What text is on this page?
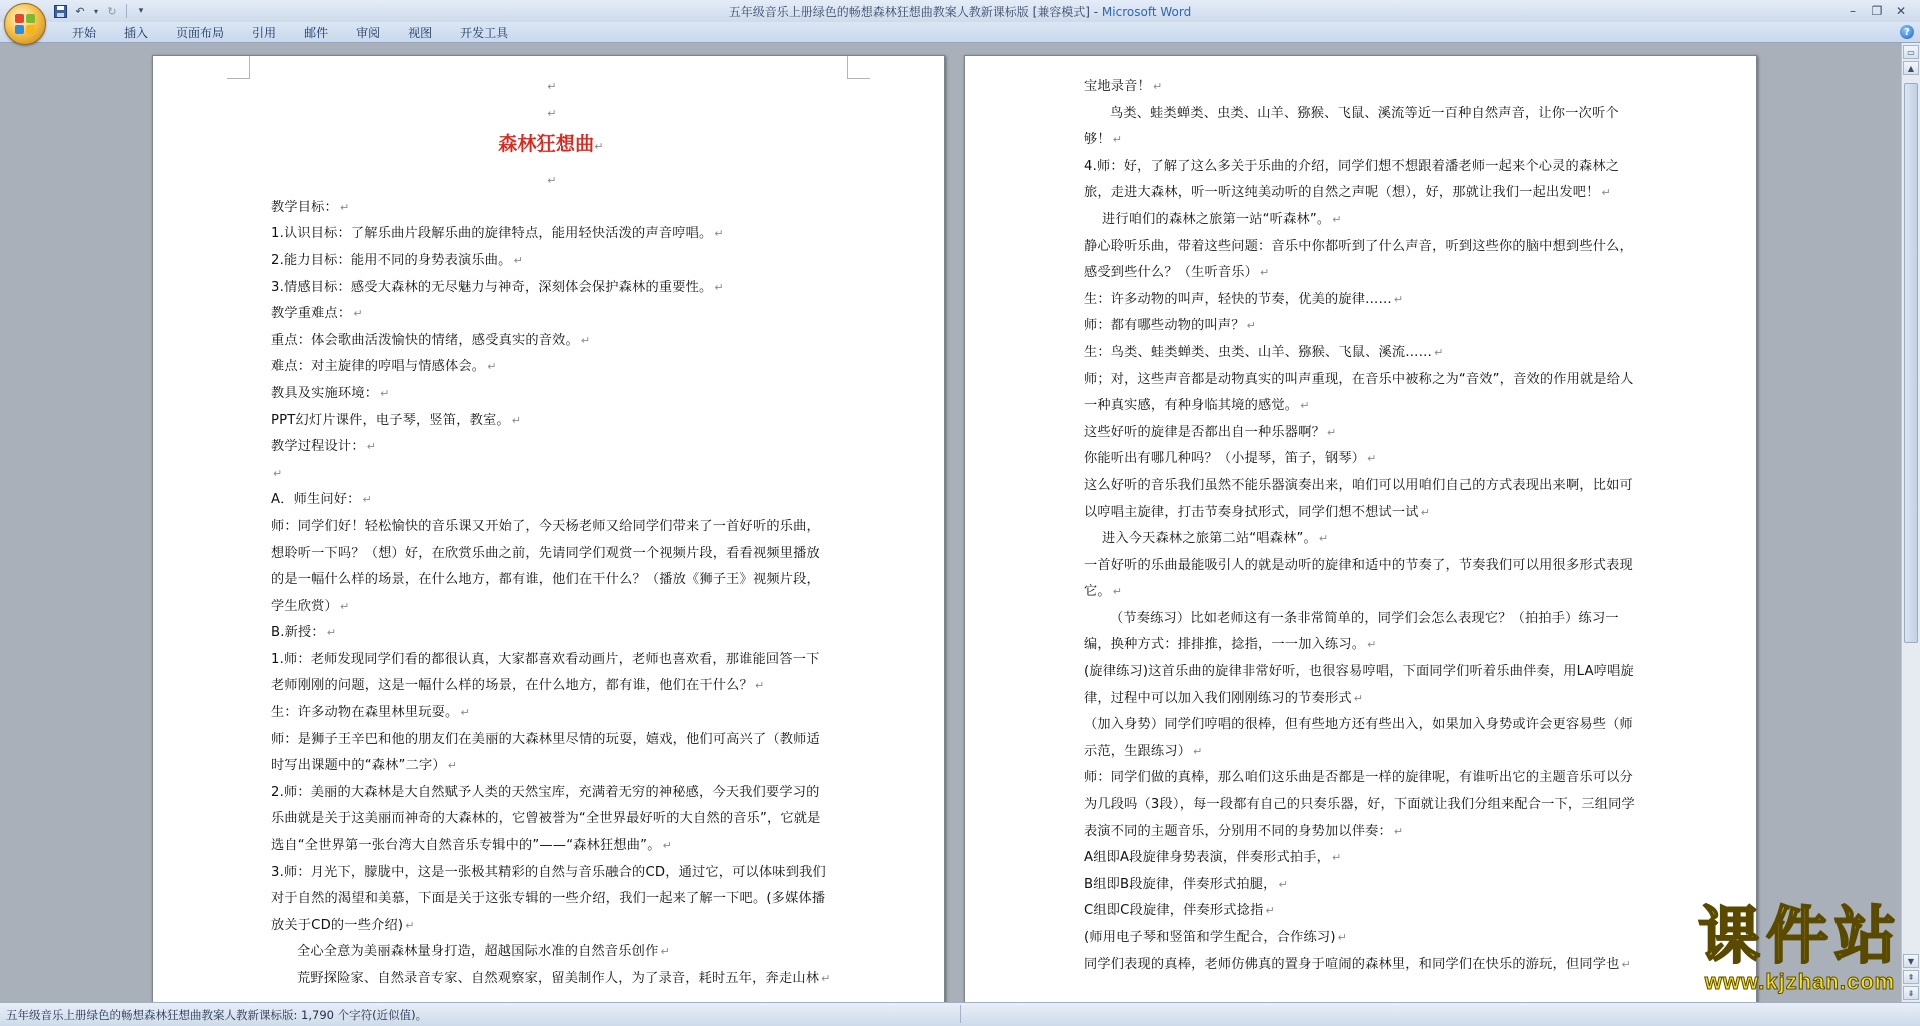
↶	▾ ↻	▾	五年级音乐上册绿色的畅想森林狂想曲教案人教新课标版 [兼容模式] - Microsoft Word	–	❐	✕
开始	插入	页面布局	引用	邮件	审阅	视图	开发工具	?

↵

↵

森林狂想曲↵

↵

教学目标： ↵

1.认识目标：了解乐曲片段解乐曲的旋律特点，能用轻快活泼的声音哼唱。 ↵

2.能力目标：能用不同的身势表演乐曲。 ↵

3.情感目标：感受大森林的无尽魅力与神奇，深刻体会保护森林的重要性。 ↵

教学重难点： ↵

重点：体会歌曲活泼愉快的情绪，感受真实的音效。 ↵

难点：对主旋律的哼唱与情感体会。 ↵

教具及实施环境： ↵

PPT幻灯片课件，电子琴，竖笛，教室。 ↵

教学过程设计： ↵

↵

A．师生问好： ↵

师：同学们好！轻松愉快的音乐课又开始了，今天杨老师又给同学们带来了一首好听的乐曲，想聆听一下吗？（想）好，在欣赏乐曲之前，先请同学们观赏一个视频片段，看看视频里播放的是一幅什么样的场景，在什么地方，都有谁，他们在干什么？（播放《狮子王》视频片段，学生欣赏） ↵

B.新授： ↵

1.师：老师发现同学们看的都很认真，大家都喜欢看动画片，老师也喜欢看，那谁能回答一下老师刚刚的问题，这是一幅什么样的场景，在什么地方，都有谁，他们在干什么？ ↵

生：许多动物在森里林里玩耍。 ↵

师：是狮子王辛巴和他的朋友们在美丽的大森林里尽情的玩耍，嬉戏，他们可高兴了（教师适时写出课题中的“森林”二字） ↵

2.师：美丽的大森林是大自然赋予人类的天然宝库，充满着无穷的神秘感，今天我们要学习的乐曲就是关于这美丽而神奇的大森林的，它曾被誉为“全世界最好听的大自然的音乐”，它就是选自“全世界第一张台湾大自然音乐专辑中的”——“森林狂想曲”。 ↵

3.师：月光下，朦胧中，这是一张极其精彩的自然与音乐融合的CD，通过它，可以体味到我们对于自然的渴望和美慕，下面是关于这张专辑的一些介绍，我们一起来了解一下吧。(多媒体播放关于CD的一些介绍) ↵

全心全意为美丽森林量身打造，超越国际水准的自然音乐创作 ↵

荒野探险家、自然录音专家、自然观察家，留美制作人，为了录音，耗时五年，奔走山林 ↵

宝地录音！ ↵

鸟类、蛙类蝉类、虫类、山羊、猕猴、飞鼠、溪流等近一百种自然声音，让你一次听个够！ ↵

4.师：好，了解了这么多关于乐曲的介绍，同学们想不想跟着潘老师一起来个心灵的森林之旅，走进大森林，听一听这纯美动听的自然之声呢（想），好，那就让我们一起出发吧！ ↵

进行咱们的森林之旅第一站“听森林”。 ↵

静心聆听乐曲，带着这些问题：音乐中你都听到了什么声音，听到这些你的脑中想到些什么，感受到些什么？（生听音乐） ↵

生：许多动物的叫声，轻快的节奏，优美的旋律…… ↵

师：都有哪些动物的叫声？ ↵

生：鸟类、蛙类蝉类、虫类、山羊、猕猴、飞鼠、溪流…… ↵

师；对，这些声音都是动物真实的叫声重现，在音乐中被称之为“音效”，音效的作用就是给人一种真实感，有种身临其境的感觉。 ↵

这些好听的旋律是否都出自一种乐器啊？ ↵

你能听出有哪几种吗？（小提琴，笛子，钢琴） ↵

这么好听的音乐我们虽然不能乐器演奏出来，咱们可以用咱们自己的方式表现出来啊，比如可以哼唱主旋律，打击节奏身拭形式，同学们想不想试一试 ↵

进入今天森林之旅第二站“唱森林”。 ↵

一首好听的乐曲最能吸引人的就是动听的旋律和适中的节奏了，节奏我们可以用很多形式表现它。 ↵

（节奏练习）比如老师这有一条非常简单的，同学们会怎么表现它？（拍拍手）练习一编，换种方式：排排推，捻指，一一加入练习。 ↵

(旋律练习)这首乐曲的旋律非常好听，也很容易哼唱，下面同学们听着乐曲伴奏，用LA哼唱旋律，过程中可以加入我们刚刚练习的节奏形式 ↵

（加入身势）同学们哼唱的很棒，但有些地方还有些出入，如果加入身势或许会更容易些（师示范，生跟练习） ↵

师：同学们做的真棒，那么咱们这乐曲是否都是一样的旋律呢，有谁听出它的主题音乐可以分为几段吗（3段），每一段都有自己的只奏乐器，好，下面就让我们分组来配合一下，三组同学表演不同的主题音乐，分别用不同的身势加以伴奏： ↵

A组即A段旋律身势表演，伴奏形式拍手， ↵

B组即B段旋律，伴奏形式拍腿， ↵

C组即C段旋律，伴奏形式捻指 ↵

(师用电子琴和竖笛和学生配合，合作练习) ↵

同学们表现的真棒，老师仿佛真的置身于喧闹的森林里，和同学们在快乐的游玩，但同学也 ↵

▭
▲
▼
⇞
⇟
五年级音乐上册绿色的畅想森林狂想曲教案人教新课标版: 1,790 个字符(近似值)。
课件站
www.kjzhan.com
